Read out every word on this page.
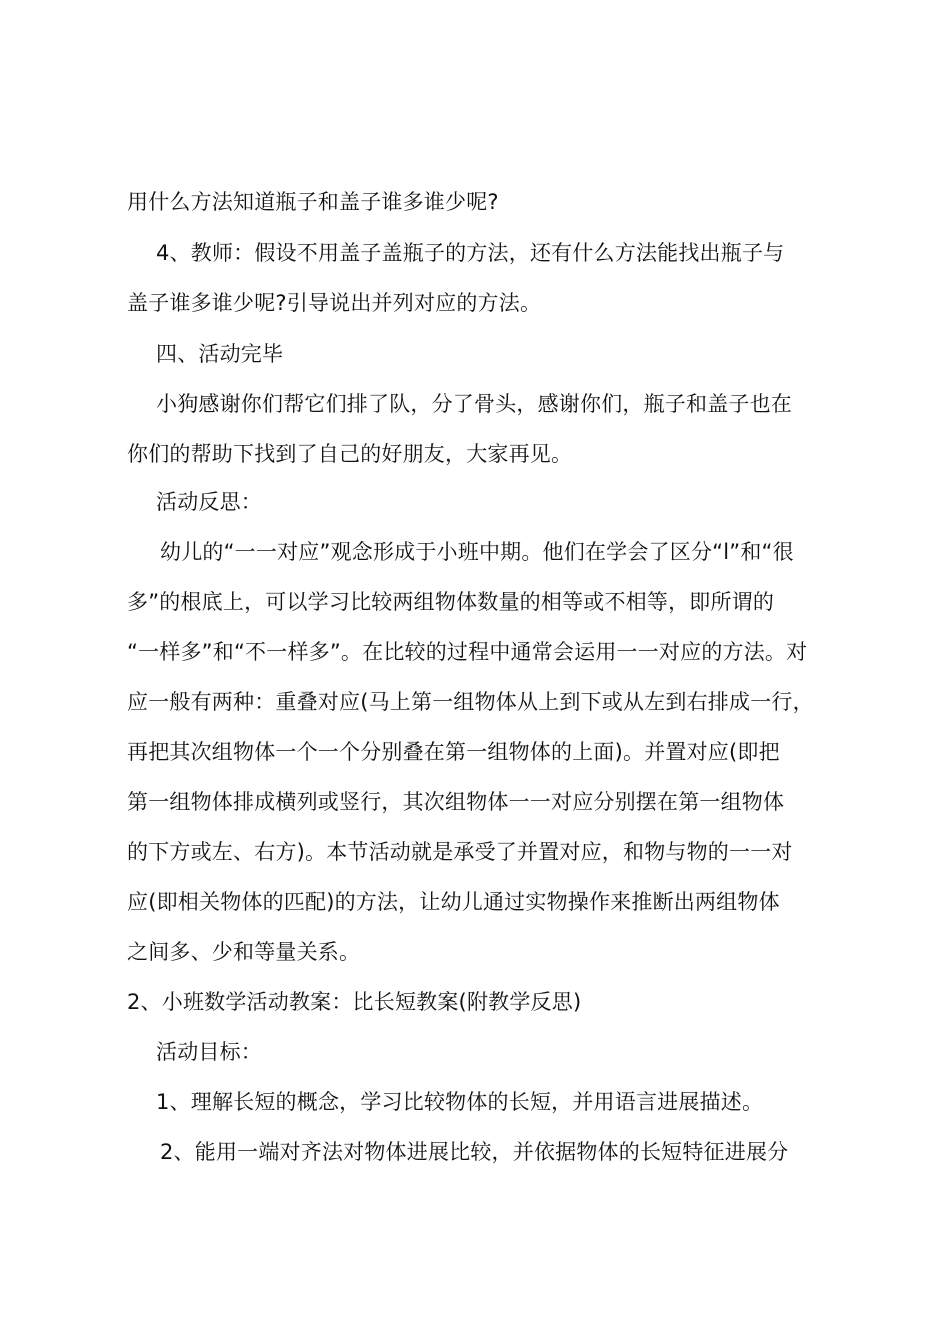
用什么方法知道瓶子和盖子谁多谁少呢?
4、教师：假设不用盖子盖瓶子的方法，还有什么方法能找出瓶子与
盖子谁多谁少呢?引导说出并列对应的方法。
四、活动完毕
小狗感谢你们帮它们排了队，分了骨头，感谢你们，瓶子和盖子也在
你们的帮助下找到了自己的好朋友，大家再见。
活动反思：
幼儿的“一一对应”观念形成于小班中期。他们在学会了区分“l”和“很
多”的根底上，可以学习比较两组物体数量的相等或不相等，即所谓的
“一样多”和“不一样多”。在比较的过程中通常会运用一一对应的方法。对
应一般有两种：重叠对应(马上第一组物体从上到下或从左到右排成一行，
再把其次组物体一个一个分别叠在第一组物体的上面)。并置对应(即把
第一组物体排成横列或竖行，其次组物体一一对应分别摆在第一组物体
的下方或左、右方)。本节活动就是承受了并置对应，和物与物的一一对
应(即相关物体的匹配)的方法，让幼儿通过实物操作来推断出两组物体
之间多、少和等量关系。
2、小班数学活动教案：比长短教案(附教学反思)
活动目标：
1、理解长短的概念，学习比较物体的长短，并用语言进展描述。
2、能用一端对齐法对物体进展比较，并依据物体的长短特征进展分
